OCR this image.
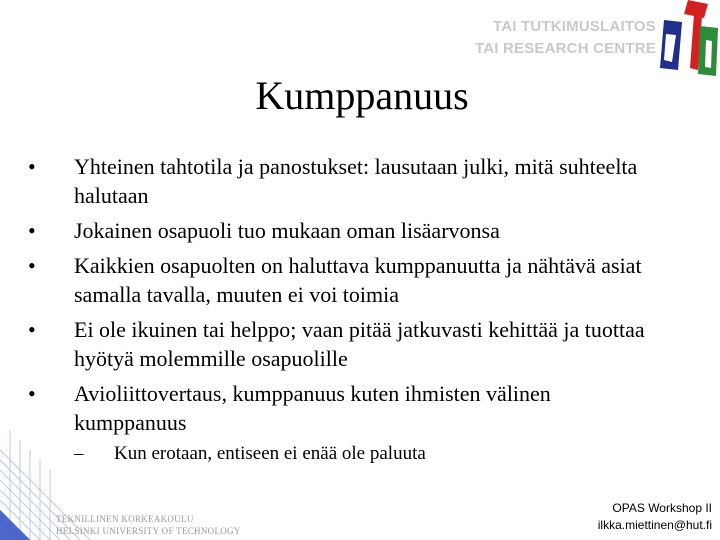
TAI TUTKIMUSLAITOS
TAI RESEARCH CENTRE
Kumppanuus
• Yhteinen tahtotila ja panostukset: lausutaan julki, mitä suhteelta halutaan
• Jokainen osapuoli tuo mukaan oman lisäarvonsa
• Kaikkien osapuolten on haluttava kumppanuutta ja nähtävä asiat samalla tavalla, muuten ei voi toimia
• Ei ole ikuinen tai helppo; vaan pitää jatkuvasti kehittää ja tuottaa hyötyä molemmille osapuolille
• Avioliittovertaus, kumppanuus kuten ihmisten välinen kumppanuus
– Kun erotaan, entiseen ei enää ole paluuta
TEKNILLINEN KORKEAKOULU
HELSINKI UNIVERSITY OF TECHNOLOGY
OPAS Workshop II
ilkka.miettinen@hut.fi
